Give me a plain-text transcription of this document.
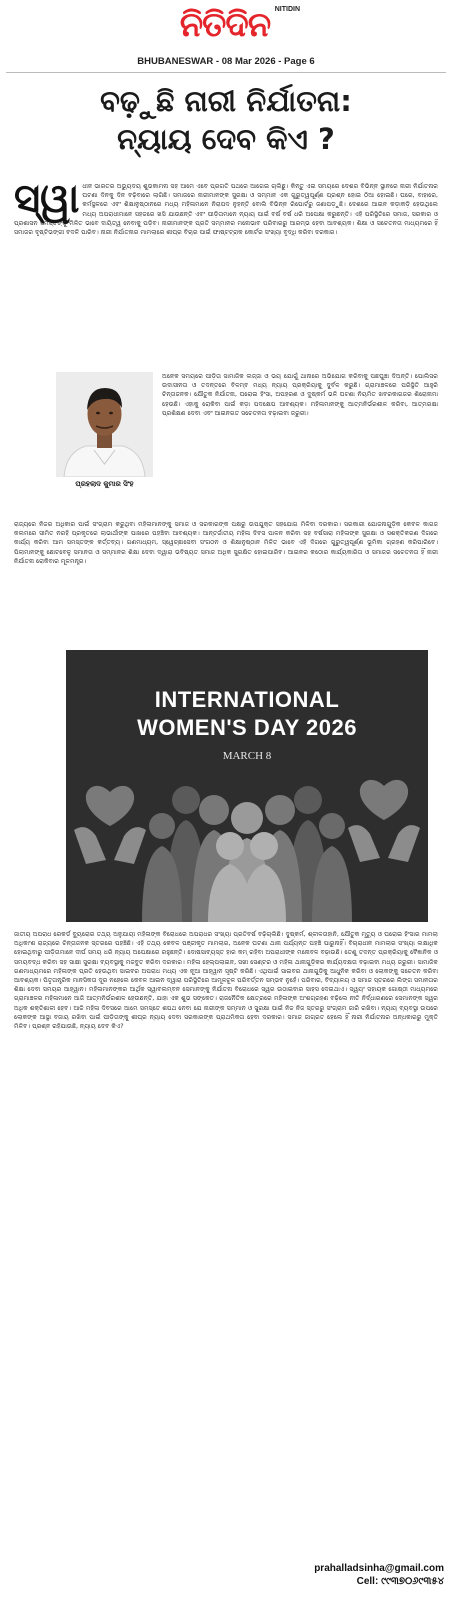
ନିତିଦିନ NITIDIN
BHUBANESWAR - 08 Mar 2026 - Page 6
ବଢ଼ୁଛି ନାରୀ ନିର୍ଯାତନା:
ନ୍ୟାୟ ଦେବ କିଏ ?
ସ୍ୱା ଧୀନ ଭାରତର ଅଭ୍ୟୁଦୟ ଶୁଭକାମନା ସହ ଆମେ ଏବେ ପ୍ରଗତି ପଥରେ ଆଗେଇ ଚାଲିଛୁ। କିନ୍ତୁ ଏଇ ସମୟରେ ଦେଶର ବିଭିନ୍ନ ସ୍ଥାନରେ ନାରୀ ନିର୍ଯାତନାର ଘଟଣା ଦିନକୁ ଦିନ ବଢ଼ିବାରେ ଲାଗିଛି। ସମାଜରେ ନାରୀମାନଙ୍କ ସୁରକ୍ଷା ଓ ସମ୍ମାନ ଏକ ଗୁରୁତ୍ୱପୂର୍ଣ୍ଣ ପ୍ରଶ୍ନ ହୋଇ ଠିଆ ହୋଇଛି। ଘରେ, ବାହାରେ, କର୍ମସ୍ଥଳରେ ଏବଂ ଶିକ୍ଷାନୁଷ୍ଠାନରେ ମଧ୍ୟ ମହିଳାମାନେ ନିରାପଦ ନୁହନ୍ତି ବୋଲି ବିଭିନ୍ନ ରିପୋର୍ଟରୁ ଜଣାପଡ଼ୁଛି। ଦେଶରେ ଆଇନ କଡ଼ାକଡ଼ି ହେଉଥିଲେ ମଧ୍ୟ ଅପରାଧୀମାନେ ସହଜରେ ଖସି ଯାଉଛନ୍ତି ଏବଂ ପୀଡ଼ିତାମାନେ ନ୍ୟାୟ ପାଇଁ ବର୍ଷ ବର୍ଷ ଧରି ଅପେକ୍ଷା କରୁଛନ୍ତି। ଏହି ପରିସ୍ଥିତିରେ ସମାଜ, ସରକାର ଓ ପ୍ରଶାସନ ସମସ୍ତଙ୍କୁ ମିଳିତ ଭାବେ ଦାୟିତ୍ୱ ନେବାକୁ ପଡ଼ିବ। ନାରୀମାନଙ୍କ ପ୍ରତି ସମ୍ମାନର ମନୋଭାବ ପରିବାରରୁ ଆରମ୍ଭ ହେବା ଆବଶ୍ୟକ। ଶିକ୍ଷା ଓ ସଚେତନତା ମାଧ୍ୟମରେ ହିଁ ସମାଜର ଦୃଷ୍ଟିଭଙ୍ଗୀ ବଦଳି ପାରିବ। ନାରୀ ନିର୍ଯାତନାର ମାମଲାରେ ଶୀଘ୍ର ବିଚାର ପାଇଁ ଫାଷ୍ଟଟ୍ରାକ କୋର୍ଟର ସଂଖ୍ୟା ବୃଦ୍ଧି କରିବା ଦରକାର।
ପ୍ରହଲାଦ କୁମାର ସିଂହ
ଅନେକ ସମୟରେ ପୀଡ଼ିତା ସାମାଜିକ ଲଜ୍ଜା ଓ ଭୟ ଯୋଗୁଁ ଥାନାରେ ଅଭିଯୋଗ କରିବାକୁ ପଛଘୁଞ୍ଚା ଦିଅନ୍ତି। ପୋଲିସର ଉଦାସୀନତା ଓ ତଦନ୍ତରେ ବିଳମ୍ବ ମଧ୍ୟ ନ୍ୟାୟ ପ୍ରକ୍ରିୟାକୁ ଦୁର୍ବଳ କରୁଛି। ଗ୍ରାମାଞ୍ଚଳରେ ପରିସ୍ଥିତି ଆହୁରି ଚିନ୍ତାଜନକ। ଯୌତୁକ ନିର୍ଯାତନା, ଘରୋଇ ହିଂସା, ଅପହରଣ ଓ ଦୁଷ୍କର୍ମ ଭଳି ଘଟଣା ନିୟମିତ ଖବରକାଗଜର ଶିରୋନାମା ହେଉଛି। ଏହାକୁ ରୋକିବା ପାଇଁ କଡ଼ା ପଦକ୍ଷେପ ଆବଶ୍ୟକ। ମହିଳାମାନଙ୍କୁ ଆତ୍ମନିର୍ଭରଶୀଳ କରିବା, ଆତ୍ମରକ୍ଷା ପ୍ରଶିକ୍ଷଣ ଦେବା ଏବଂ ଆଇନଗତ ସଚେତନତା ବଢ଼ାଇବା ଜରୁରୀ।
ରାଜ୍ୟରେ ନିଜର ଅଧିକାର ପାଇଁ ସଂଗ୍ରାମ କରୁଥିବା ମହିଳାମାନଙ୍କୁ ସମାଜ ଓ ସରକାରଙ୍କ ପକ୍ଷରୁ ଉପଯୁକ୍ତ ସହଯୋଗ ମିଳିବା ଦରକାର। ସରକାରୀ ଯୋଜନାଗୁଡ଼ିକ କେବଳ କାଗଜ କଲମରେ ସୀମିତ ନରହି ପ୍ରକୃତରେ ଲାଭାର୍ଥୀଙ୍କ ପାଖରେ ପହଞ୍ଚିବା ଆବଶ୍ୟକ। ଆନ୍ତର୍ଜାତୀୟ ମହିଳା ଦିବସ ପାଳନ କରିବା ସହ ବର୍ଷସାରା ମହିଳାଙ୍କ ସୁରକ୍ଷା ଓ ସଶକ୍ତିକରଣ ଦିଗରେ କାର୍ଯ୍ୟ କରିବା ଆମ ସମସ୍ତଙ୍କ କର୍ତ୍ତବ୍ୟ। ଗଣମାଧ୍ୟମ, ସ୍ୱେଚ୍ଛାସେବୀ ସଂଗଠନ ଓ ଶିକ୍ଷାନୁଷ୍ଠାନ ମିଳିତ ଭାବେ ଏହି ଦିଗରେ ଗୁରୁତ୍ୱପୂର୍ଣ୍ଣ ଭୂମିକା ଗ୍ରହଣ କରିପାରିବେ। ପିଲାମାନଙ୍କୁ ଛୋଟବେଳୁ ସମାନତା ଓ ସମ୍ମାନର ଶିକ୍ଷା ଦେବା ଦ୍ୱାରା ଭବିଷ୍ୟତ ସମାଜ ଅଧିକ ସୁରକ୍ଷିତ ହୋଇପାରିବ। ଆଇନର କଠୋର କାର୍ଯ୍ୟକାରିତା ଓ ସମାଜର ସଚେତନତା ହିଁ ନାରୀ ନିର୍ଯାତନା ରୋକିବାର ମୂଳମନ୍ତ୍ର।
INTERNATIONAL
WOMEN'S DAY 2026
MARCH 8
ଜାତୀୟ ଅପରାଧ ରେକର୍ଡ ବ୍ୟୁରୋର ତଥ୍ୟ ଅନୁଯାୟୀ ମହିଳାଙ୍କ ବିରୋଧରେ ଅପରାଧର ସଂଖ୍ୟା ପ୍ରତିବର୍ଷ ବଢ଼ିଚାଲିଛି। ଦୁଷ୍କର୍ମ, ଶ୍ଳୀଳତାହାନି, ଯୌତୁକ ମୃତ୍ୟୁ ଓ ଘରୋଇ ହିଂସାର ମାମଲା ଅଧିକାଂଶ ରାଜ୍ୟରେ ଚିନ୍ତାଜନକ ସ୍ତରରେ ପହଞ୍ଚିଛି। ଏହି ତଥ୍ୟ କେବଳ ପଞ୍ଜୀକୃତ ମାମଲାର, ଅନେକ ଘଟଣା ଥାନା ପର୍ଯ୍ୟନ୍ତ ପହଞ୍ଚି ପାରୁନାହିଁ। ବିଚାରାଧୀନ ମାମଲାର ସଂଖ୍ୟା ଲକ୍ଷାଧିକ ହୋଇଥିବାରୁ ପୀଡ଼ିତାମାନେ ଦୀର୍ଘ ସମୟ ଧରି ନ୍ୟାୟ ଅପେକ୍ଷାରେ ରହୁଛନ୍ତି। ଦୋଷସାବ୍ୟସ୍ତ ହାର କମ୍ ରହିବା ଅପରାଧୀଙ୍କ ମନୋବଳ ବଢ଼ାଉଛି। ତେଣୁ ତଦନ୍ତ ପ୍ରକ୍ରିୟାକୁ ବୈଜ୍ଞାନିକ ଓ ସମୟବଦ୍ଧ କରିବା ସହ ସାକ୍ଷୀ ସୁରକ୍ଷା ବ୍ୟବସ୍ଥାକୁ ମଜବୁତ କରିବା ଦରକାର। ମହିଳା ହେଲ୍ପଲାଇନ, ସଖୀ ସେଣ୍ଟର ଓ ମହିଳା ଥାନାଗୁଡ଼ିକର କାର୍ଯ୍ୟଦକ୍ଷତା ବଢ଼ାଇବା ମଧ୍ୟ ଜରୁରୀ। ସାମାଜିକ ଗଣମାଧ୍ୟମରେ ମହିଳାଙ୍କ ପ୍ରତି ହେଉଥିବା ସାଇବର ଅପରାଧ ମଧ୍ୟ ଏକ ନୂଆ ଆହ୍ୱାନ ସୃଷ୍ଟି କରିଛି। ଏଥିପାଇଁ ସାଇବର ଥାନାଗୁଡ଼ିକୁ ଆଧୁନିକ କରିବା ଓ ଲୋକଙ୍କୁ ସଚେତନ କରିବା ଆବଶ୍ୟକ। ପିତୃତାନ୍ତ୍ରିକ ମାନସିକତା ଦୂର ନହେଲେ କେବଳ ଆଇନ ଦ୍ୱାରା ପରିସ୍ଥିତିରେ ଆମୂଳଚୂଳ ପରିବର୍ତ୍ତନ ସମ୍ଭବ ନୁହେଁ। ପରିବାର, ବିଦ୍ୟାଳୟ ଓ ସମାଜ ସ୍ତରରେ ଲିଙ୍ଗ ସମାନତାର ଶିକ୍ଷା ଦେବା ସମୟର ଆହ୍ୱାନ। ମହିଳାମାନଙ୍କର ଆର୍ଥିକ ସ୍ୱାବଲମ୍ବନ ସେମାନଙ୍କୁ ନିର୍ଯାତନା ବିରୋଧରେ ସ୍ୱର ଉଠାଇବାର ସାହସ ଦେଇଥାଏ। ସ୍ୱୟଂ ସହାୟକ ଗୋଷ୍ଠୀ ମାଧ୍ୟମରେ ଗ୍ରାମାଞ୍ଚଳର ମହିଳାମାନେ ଆଜି ଆତ୍ମନିର୍ଭରଶୀଳ ହେଉଛନ୍ତି, ଯାହା ଏକ ଶୁଭ ସଙ୍କେତ। ରାଜନୈତିକ କ୍ଷେତ୍ରରେ ମହିଳାଙ୍କ ଅଂଶଗ୍ରହଣ ବଢ଼ିଲେ ନୀତି ନିର୍ଦ୍ଧାରଣରେ ସେମାନଙ୍କ ସ୍ୱର ଅଧିକ ଶକ୍ତିଶାଳୀ ହେବ। ଆଜି ମହିଳା ଦିବସରେ ଆମେ ସମସ୍ତେ ଶପଥ ନେବା ଯେ ନାରୀଙ୍କ ସମ୍ମାନ ଓ ସୁରକ୍ଷା ପାଇଁ ନିଜ ନିଜ ସ୍ତରରୁ ସଂଗ୍ରାମ ଜାରି ରଖିବା। ନ୍ୟାୟ ବ୍ୟବସ୍ଥା ଉପରେ ଲୋକଙ୍କ ଆସ୍ଥା ବଜାୟ ରଖିବା ପାଇଁ ପୀଡ଼ିତାଙ୍କୁ ଶୀଘ୍ର ନ୍ୟାୟ ଦେବା ସରକାରଙ୍କ ପ୍ରାଥମିକତା ହେବା ଦରକାର। ସମାଜ ଜାଗ୍ରତ ହେଲେ ହିଁ ନାରୀ ନିର୍ଯାତନାର ଅନ୍ଧକାରରୁ ମୁକ୍ତି ମିଳିବ। ପ୍ରଶ୍ନ ରହିଯାଉଛି, ନ୍ୟାୟ ଦେବ କିଏ?
prahalladsinha@gmail.com
Cell: ୯୯୩୭୦୬୯୩୫୪
